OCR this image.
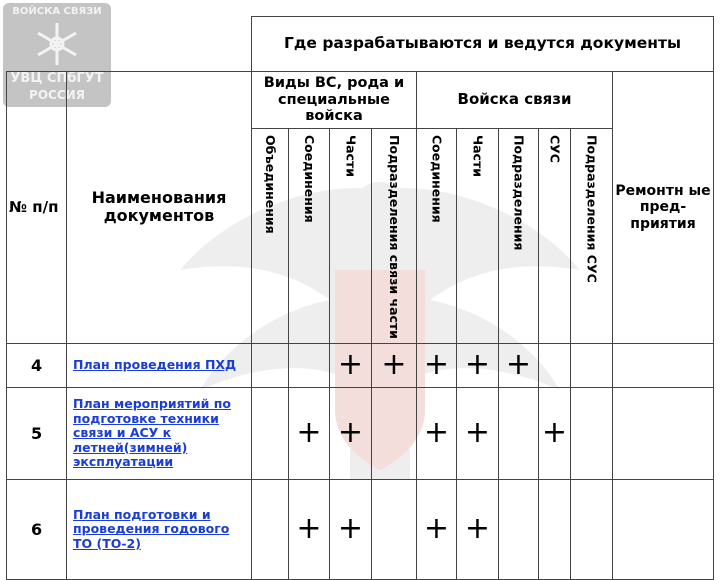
ВОЙСКА СВЯЗИ
УВЦ СПбГУТ
РОССИЯ
		Где разрабатываются и ведутся документы									
№ п/п	Наименования документов	Виды ВС, рода и специальные войска				Войска связи					Ремонтн ые пред-приятия
		Объединения	Соединения	Части	Подразделения связи части	Соединения	Части	Подразделения	СУС	Подразделения СУС	
4	План проведения ПХД			+	+	+	+	+			
5	План мероприятий по подготовке техники связи и АСУ к летней(зимней) эксплуатации		+	+		+	+		+		
6	План подготовки и проведения годового ТО (ТО-2)		+	+		+	+				
